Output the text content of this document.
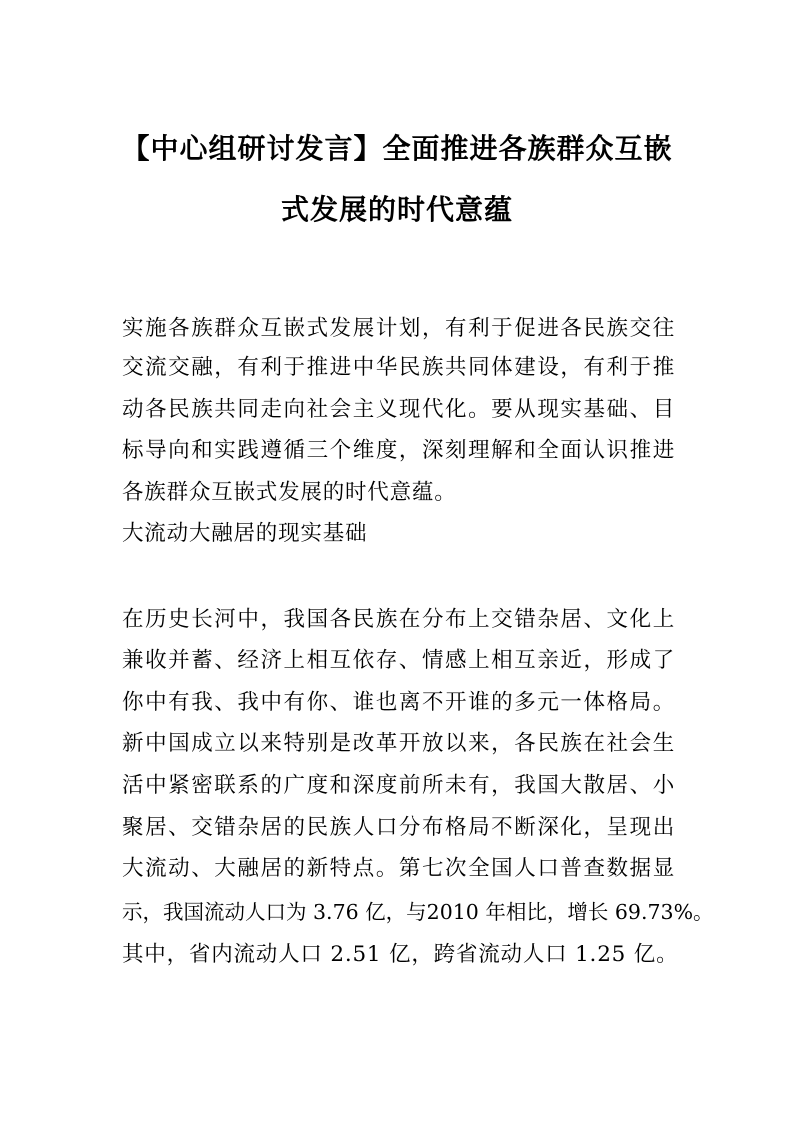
【中心组研讨发言】全面推进各族群众互嵌
式发展的时代意蕴
实施各族群众互嵌式发展计划，有利于促进各民族交往
交流交融，有利于推进中华民族共同体建设，有利于推
动各民族共同走向社会主义现代化。要从现实基础、目
标导向和实践遵循三个维度，深刻理解和全面认识推进
各族群众互嵌式发展的时代意蕴。
大流动大融居的现实基础
在历史长河中，我国各民族在分布上交错杂居、文化上
兼收并蓄、经济上相互依存、情感上相互亲近，形成了
你中有我、我中有你、谁也离不开谁的多元一体格局。
新中国成立以来特别是改革开放以来，各民族在社会生
活中紧密联系的广度和深度前所未有，我国大散居、小
聚居、交错杂居的民族人口分布格局不断深化，呈现出
大流动、大融居的新特点。第七次全国人口普查数据显
示，我国流动人口为 3.76 亿，与2010 年相比，增长 69.73%。
其中，省内流动人口 2.51 亿，跨省流动人口 1.25 亿。
